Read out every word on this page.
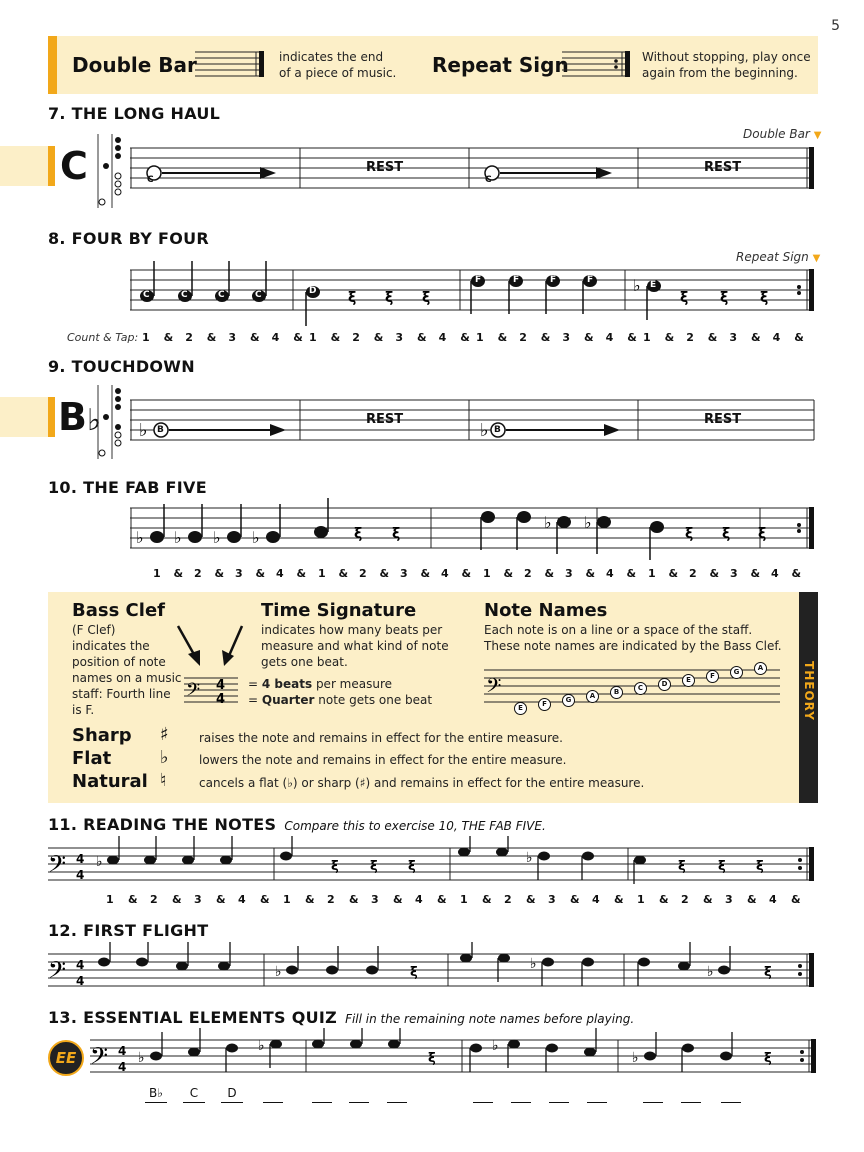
5
Double Bar	indicates the end
of a piece of music. Repeat Sign	Without stopping, play once
again from the beginning.
7. THE LONG HAUL
Double Bar ▼
C	C	C
REST	REST
8. FOUR BY FOUR
Repeat Sign ▼
♭
ξ ξ ξ	ξ ξ ξ
C	C	C	C	D
F	F	F	F	E
Count & Tap: 1 & 2 & 3 & 4 & 1 & 2 & 3 & 4 & 1 & 2 & 3 & 4 & 1 & 2 & 3 & 4 &
9. TOUCHDOWN
B♭ ♭	♭
B	B
REST	REST
10. THE FAB FIVE
♭ ♭ ♭ ♭
♭ ♭
ξ ξ	ξ ξ ξ
1 & 2 & 3 & 4 & 1 & 2 & 3 & 4 & 1 & 2 & 3 & 4 & 1 & 2 & 3 & 4 &
THEORY
Bass Clef
(F Clef)
indicates the
position of note
names on a music
staff: Fourth line
is F.
𝄢 4
4
Time Signature
indicates how many beats per
measure and what kind of note
gets one beat.
= 4 beats per measure
= Quarter note gets one beat
Note Names
Each note is on a line or a space of the staff.
These note names are indicated by the Bass Clef.
𝄢
E	F	G	A	B	C	D	E	F	G	A
Sharp ♯	raises the note and remains in effect for the entire measure.
Flat	♭	lowers the note and remains in effect for the entire measure.
Natural ♮	cancels a flat (♭) or sharp (♯) and remains in effect for the entire measure.
11. READING THE NOTES Compare this to exercise 10, THE FAB FIVE.
𝄢 4
4
♭	♭
ξ ξ ξ	ξ ξ ξ
1 & 2 & 3 & 4 & 1 & 2 & 3 & 4 & 1 & 2 & 3 & 4 & 1 & 2 & 3 & 4 &
12. FIRST FLIGHT
𝄢 4
4
♭	♭	♭
ξ	ξ
13. ESSENTIAL ELEMENTS QUIZ Fill in the remaining note names before playing.
EE 𝄢 4
4
♭
♭	♭
♭
ξ	ξ
B♭	C	D
